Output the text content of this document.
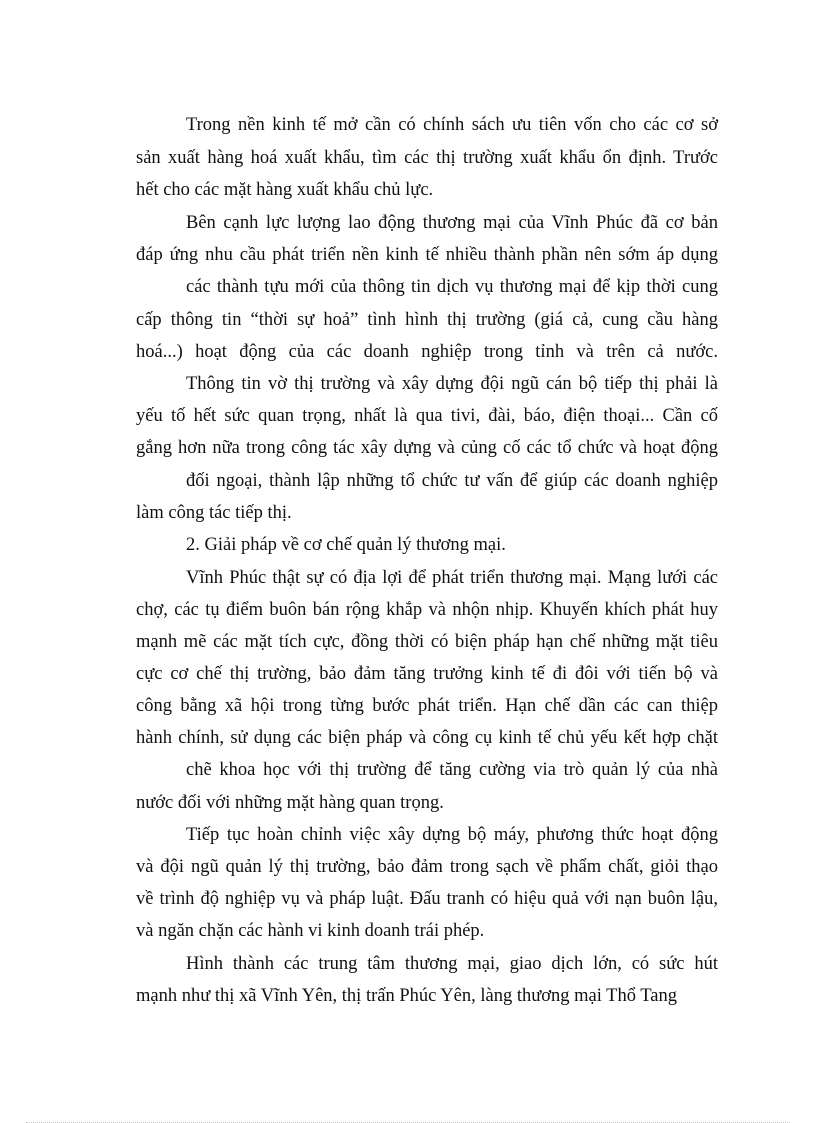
Trong nền kinh tế mở cần có chính sách ưu tiên vốn cho các cơ sở
sản xuất hàng hoá xuất khẩu, tìm các thị trường xuất khẩu ổn định. Trước
hết cho các mặt hàng xuất khẩu chủ lực.
Bên cạnh lực lượng lao động thương mại của Vĩnh Phúc đã cơ bản
đáp ứng nhu cầu phát triển nền kinh tế nhiều thành phần nên sớm áp dụng
các thành tựu mới của thông tin dịch vụ thương mại để kịp thời cung
cấp thông tin “thời sự hoả” tình hình thị trường (giá cả, cung cầu hàng
hoá...) hoạt động của các doanh nghiệp trong tỉnh và trên cả nước.
Thông tin vờ thị trường và xây dựng đội ngũ cán bộ tiếp thị phải là
yếu tố hết sức quan trọng, nhất là qua tivi, đài, báo, điện thoại... Cần cố
gắng hơn nữa trong công tác xây dựng và củng cố các tổ chức và hoạt động
đối ngoại, thành lập những tổ chức tư vấn để giúp các doanh nghiệp
làm công tác tiếp thị.
2. Giải pháp về cơ chế quản lý thương mại.
Vĩnh Phúc thật sự có địa lợi để phát triển thương mại. Mạng lưới các
chợ, các tụ điểm buôn bán rộng khắp và nhộn nhịp. Khuyến khích phát huy
mạnh mẽ các mặt tích cực, đồng thời có biện pháp hạn chế những mặt tiêu
cực cơ chế thị trường, bảo đảm tăng trưởng kinh tế đi đôi với tiến bộ và
công bằng xã hội trong từng bước phát triển. Hạn chế dần các can thiệp
hành chính, sử dụng các biện pháp và công cụ kinh tế chủ yếu kết hợp chặt
chẽ khoa học với thị trường để tăng cường via trò quản lý của nhà
nước đối với những mặt hàng quan trọng.
Tiếp tục hoàn chỉnh việc xây dựng bộ máy, phương thức hoạt động
và đội ngũ quản lý thị trường, bảo đảm trong sạch về phẩm chất, giỏi thạo
về trình độ nghiệp vụ và pháp luật. Đấu tranh có hiệu quả với nạn buôn lậu,
và ngăn chặn các hành vi kinh doanh trái phép.
Hình thành các trung tâm thương mại, giao dịch lớn, có sức hút
mạnh như thị xã Vĩnh Yên, thị trấn Phúc Yên, làng thương mại Thổ Tang
